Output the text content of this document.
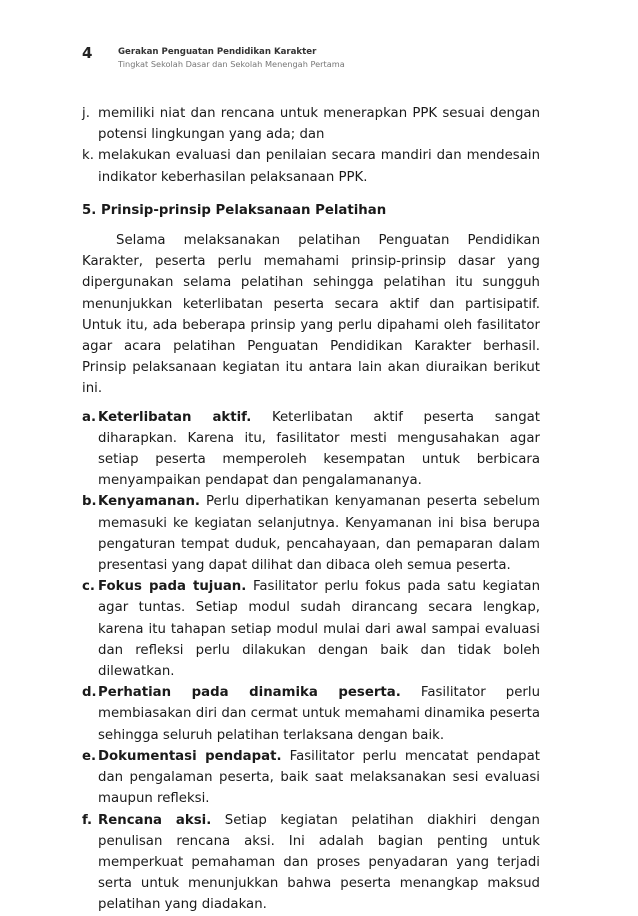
4	Gerakan Penguatan Pendidikan Karakter
Tingkat Sekolah Dasar dan Sekolah Menengah Pertama
j. memiliki niat dan rencana untuk menerapkan PPK sesuai dengan potensi lingkungan yang ada; dan
k. melakukan evaluasi dan penilaian secara mandiri dan mendesain indikator keberhasilan pelaksanaan PPK.
5. Prinsip-prinsip Pelaksanaan Pelatihan

Selama melaksanakan pelatihan Penguatan Pendidikan Karakter, peserta perlu memahami prinsip-prinsip dasar yang dipergunakan selama pelatihan sehingga pelatihan itu sungguh menunjukkan keterlibatan peserta secara aktif dan partisipatif. Untuk itu, ada beberapa prinsip yang perlu dipahami oleh fasilitator agar acara pelatihan Penguatan Pendidikan Karakter berhasil. Prinsip pelaksanaan kegiatan itu antara lain akan diuraikan berikut ini.

a. Keterlibatan aktif. Keterlibatan aktif peserta sangat diharapkan. Karena itu, fasilitator mesti mengusahakan agar setiap peserta memperoleh kesempatan untuk berbicara menyampaikan pendapat dan pengalamananya.
b. Kenyamanan. Perlu diperhatikan kenyamanan peserta sebelum memasuki ke kegiatan selanjutnya. Kenyamanan ini bisa berupa pengaturan tempat duduk, pencahayaan, dan pemaparan dalam presentasi yang dapat dilihat dan dibaca oleh semua peserta.
c. Fokus pada tujuan. Fasilitator perlu fokus pada satu kegiatan agar tuntas. Setiap modul sudah dirancang secara lengkap, karena itu tahapan setiap modul mulai dari awal sampai evaluasi dan refleksi perlu dilakukan dengan baik dan tidak boleh dilewatkan.
d. Perhatian pada dinamika peserta. Fasilitator perlu membiasakan diri dan cermat untuk memahami dinamika peserta sehingga seluruh pelatihan terlaksana dengan baik.
e. Dokumentasi pendapat. Fasilitator perlu mencatat pendapat dan pengalaman peserta, baik saat melaksanakan sesi evaluasi maupun refleksi.
f. Rencana aksi. Setiap kegiatan pelatihan diakhiri dengan penulisan rencana aksi. Ini adalah bagian penting untuk memperkuat pemahaman dan proses penyadaran yang terjadi serta untuk menunjukkan bahwa peserta menangkap maksud pelatihan yang diadakan.
